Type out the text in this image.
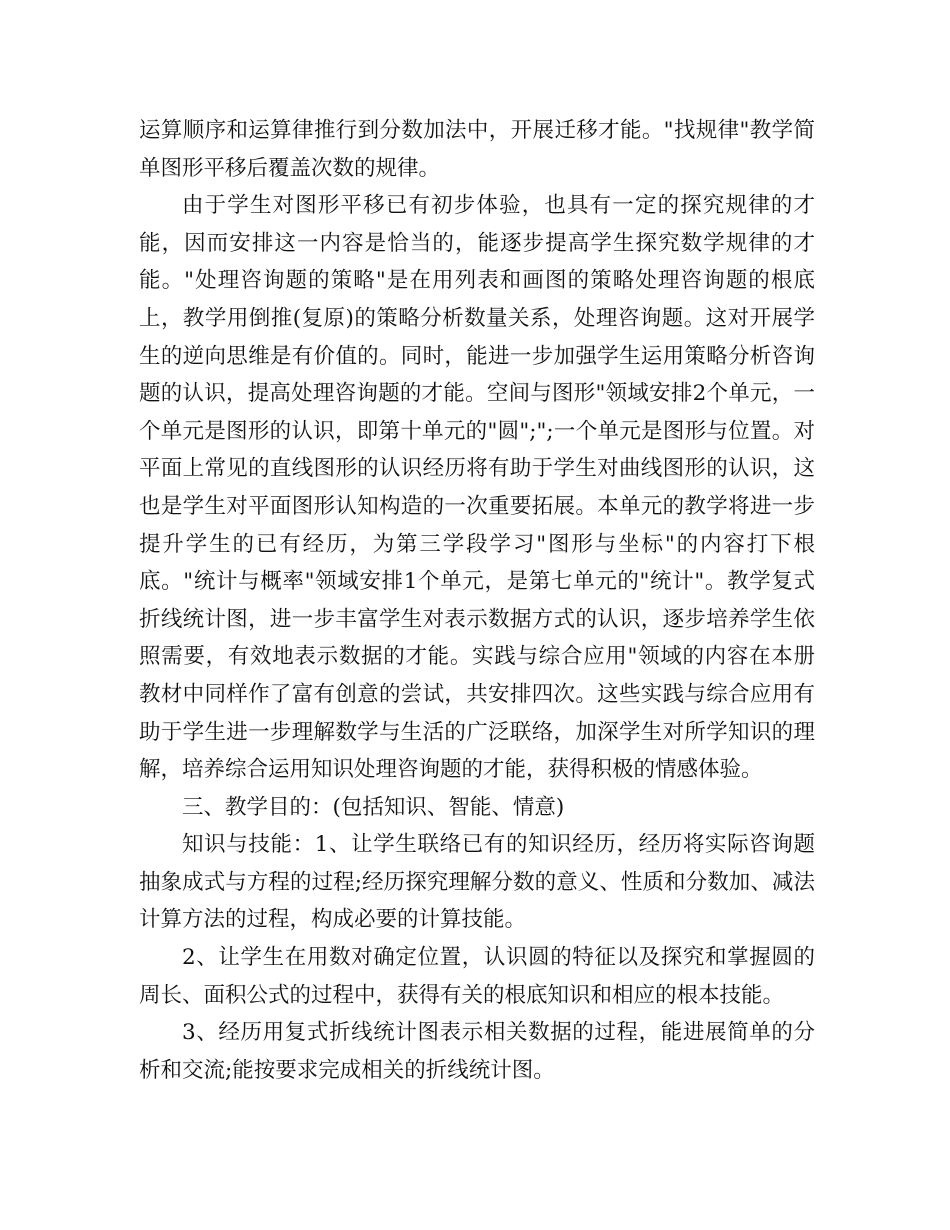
运算顺序和运算律推行到分数加法中，开展迁移才能。"找规律"教学简单图形平移后覆盖次数的规律。

由于学生对图形平移已有初步体验，也具有一定的探究规律的才能，因而安排这一内容是恰当的，能逐步提高学生探究数学规律的才能。"处理咨询题的策略"是在用列表和画图的策略处理咨询题的根底上，教学用倒推(复原)的策略分析数量关系，处理咨询题。这对开展学生的逆向思维是有价值的。同时，能进一步加强学生运用策略分析咨询题的认识，提高处理咨询题的才能。空间与图形"领域安排2个单元，一个单元是图形的认识，即第十单元的"圆";";一个单元是图形与位置。对平面上常见的直线图形的认识经历将有助于学生对曲线图形的认识，这也是学生对平面图形认知构造的一次重要拓展。本单元的教学将进一步提升学生的已有经历，为第三学段学习"图形与坐标"的内容打下根底。"统计与概率"领域安排1个单元，是第七单元的"统计"。教学复式折线统计图，进一步丰富学生对表示数据方式的认识，逐步培养学生依照需要，有效地表示数据的才能。实践与综合应用"领域的内容在本册教材中同样作了富有创意的尝试，共安排四次。这些实践与综合应用有助于学生进一步理解数学与生活的广泛联络，加深学生对所学知识的理解，培养综合运用知识处理咨询题的才能，获得积极的情感体验。

三、教学目的：(包括知识、智能、情意)

知识与技能：1、让学生联络已有的知识经历，经历将实际咨询题抽象成式与方程的过程;经历探究理解分数的意义、性质和分数加、减法计算方法的过程，构成必要的计算技能。

2、让学生在用数对确定位置，认识圆的特征以及探究和掌握圆的周长、面积公式的过程中，获得有关的根底知识和相应的根本技能。

3、经历用复式折线统计图表示相关数据的过程，能进展简单的分析和交流;能按要求完成相关的折线统计图。
